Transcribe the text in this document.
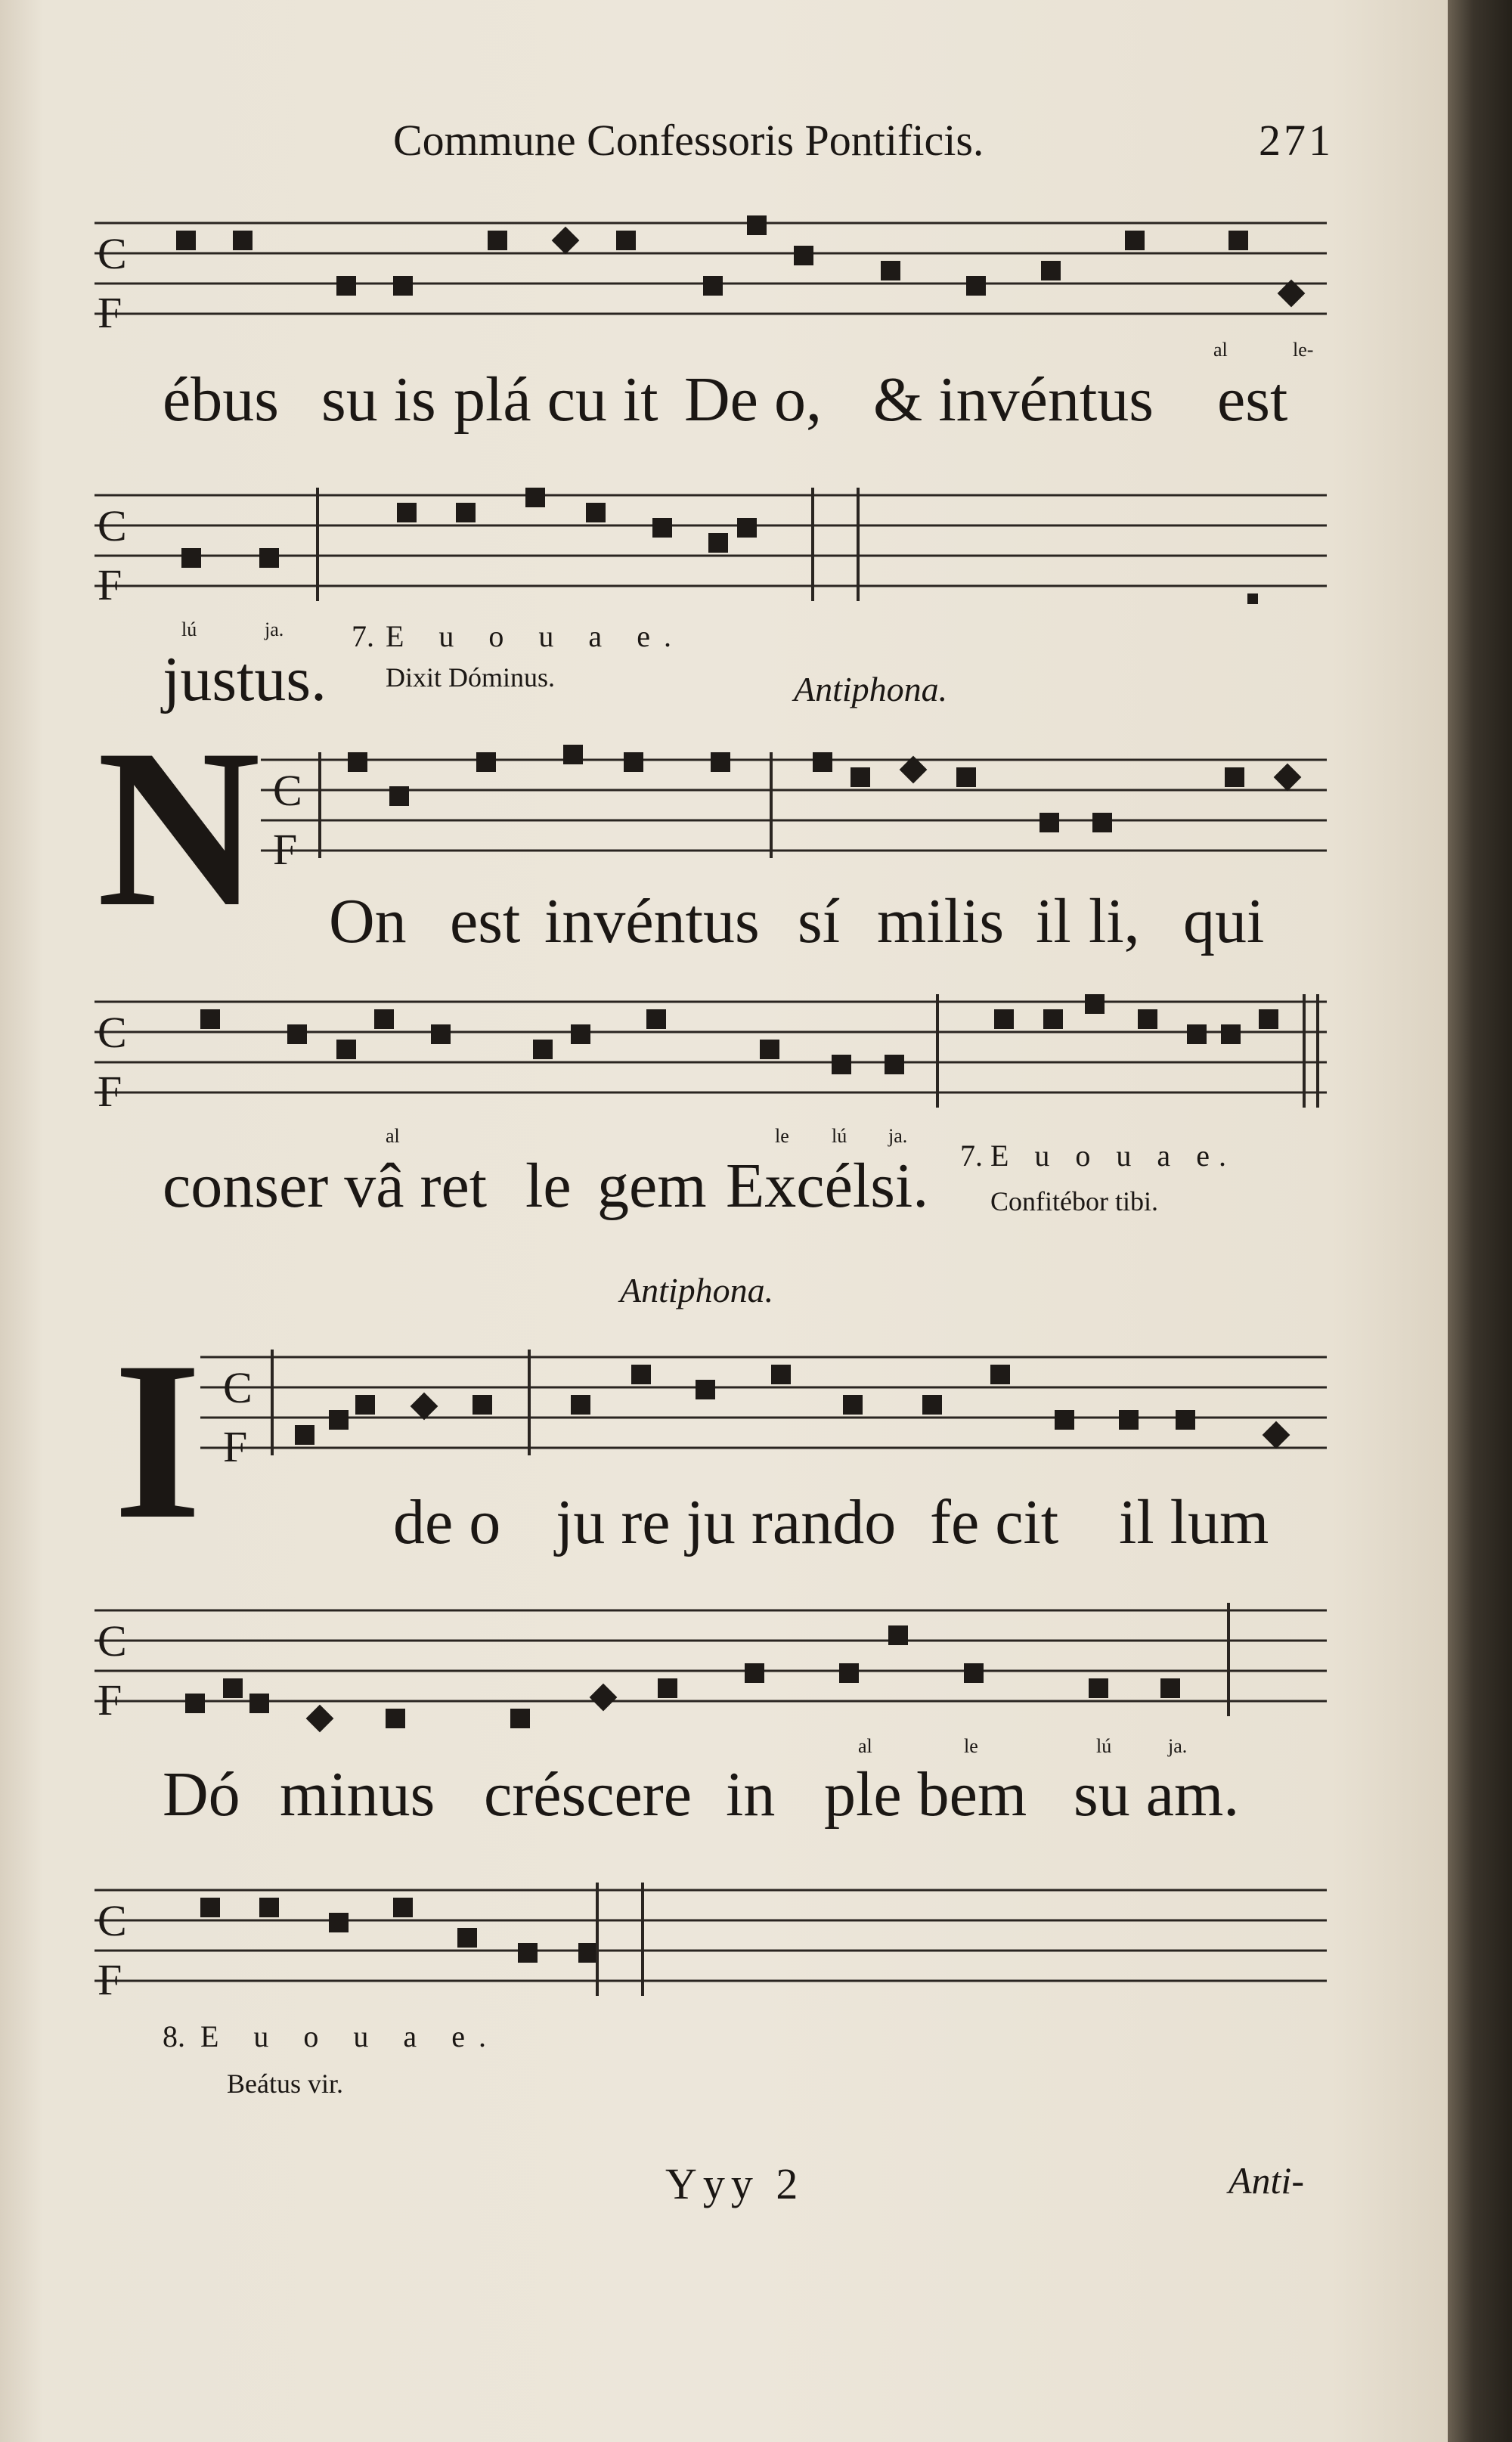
Commune Confessoris Pontificis.	271
C
F
al	le-
ébus su is plá cu it De o, & invéntus est
C
F
lú	ja.
justus.
7. E u o u a e.
Dixit Dóminus.	Antiphona.
N C
F
On est invéntus sí milis il li, qui
C
F
al	le lú ja.
conser vâ ret le gem Excélsi. 7. E u o u a e.
Confitébor tibi.
Antiphona.
I C
F
de o ju re ju rando fe cit il lum
C
F
al	le	lú	ja.
Dó minus créscere in ple bem su am.
C
F
8. E u o u a e.
Beátus vir.
Yyy 2	Anti-
